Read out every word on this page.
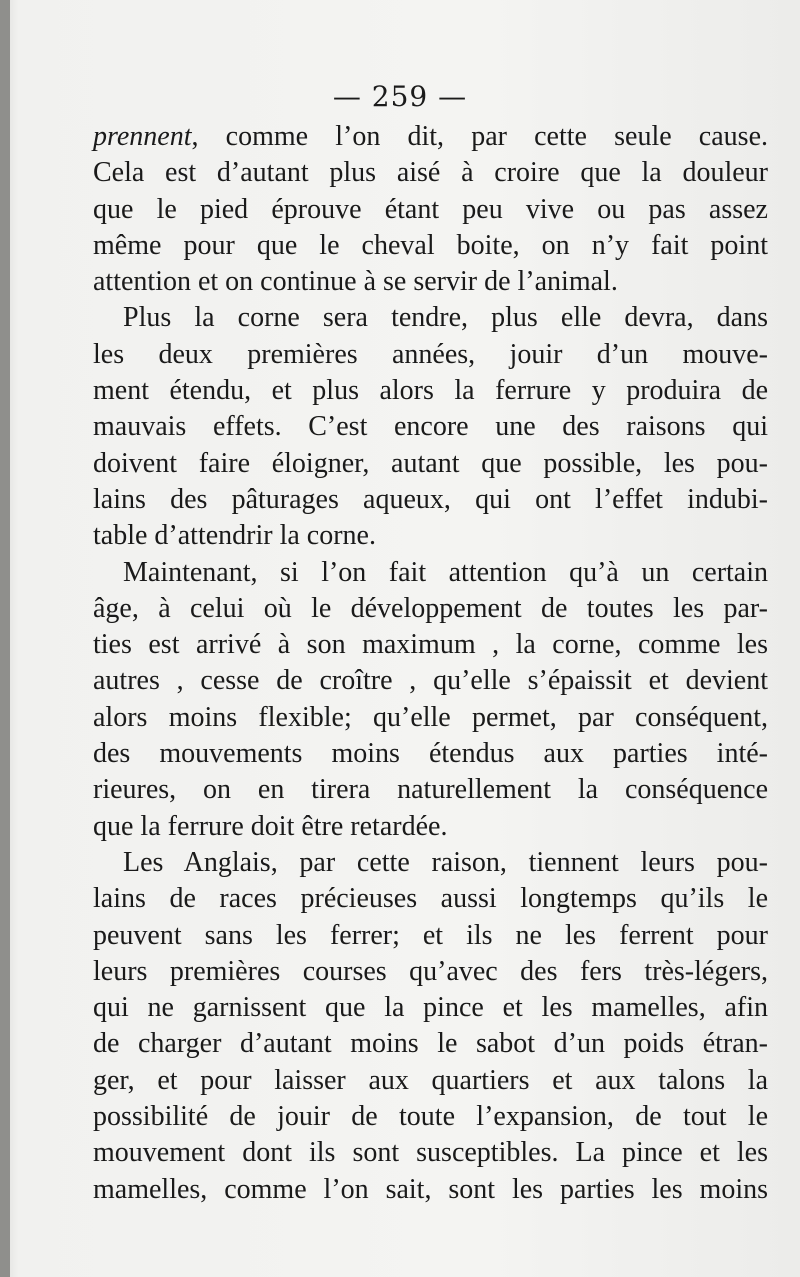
— 259 —
prennent, comme l’on dit, par cette seule cause.
Cela est d’autant plus aisé à croire que la douleur
que le pied éprouve étant peu vive ou pas assez
même pour que le cheval boite, on n’y fait point
attention et on continue à se servir de l’animal.
Plus la corne sera tendre, plus elle devra, dans
les deux premières années, jouir d’un mouve-
ment étendu, et plus alors la ferrure y produira de
mauvais effets. C’est encore une des raisons qui
doivent faire éloigner, autant que possible, les pou-
lains des pâturages aqueux, qui ont l’effet indubi-
table d’attendrir la corne.
Maintenant, si l’on fait attention qu’à un certain
âge, à celui où le développement de toutes les par-
ties est arrivé à son maximum , la corne, comme les
autres , cesse de croître , qu’elle s’épaissit et devient
alors moins flexible; qu’elle permet, par conséquent,
des mouvements moins étendus aux parties inté-
rieures, on en tirera naturellement la conséquence
que la ferrure doit être retardée.
Les Anglais, par cette raison, tiennent leurs pou-
lains de races précieuses aussi longtemps qu’ils le
peuvent sans les ferrer; et ils ne les ferrent pour
leurs premières courses qu’avec des fers très-légers,
qui ne garnissent que la pince et les mamelles, afin
de charger d’autant moins le sabot d’un poids étran-
ger, et pour laisser aux quartiers et aux talons la
possibilité de jouir de toute l’expansion, de tout le
mouvement dont ils sont susceptibles. La pince et les
mamelles, comme l’on sait, sont les parties les moins
